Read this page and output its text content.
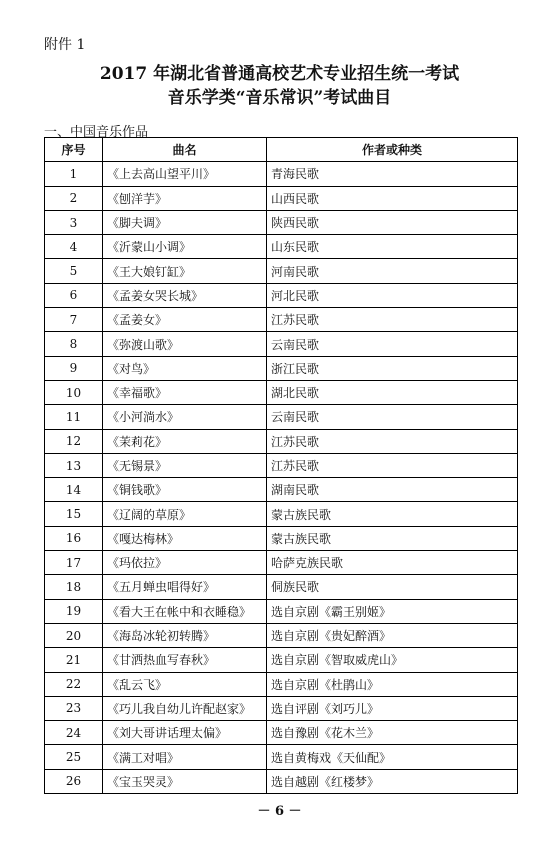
附件 1
2017 年湖北省普通高校艺术专业招生统一考试
音乐学类“音乐常识”考试曲目
一、中国音乐作品
序号	曲名	作者或种类
1	《上去高山望平川》	青海民歌
2	《刨洋芋》	山西民歌
3	《脚夫调》	陕西民歌
4	《沂蒙山小调》	山东民歌
5	《王大娘钉缸》	河南民歌
6	《孟姜女哭长城》	河北民歌
7	《孟姜女》	江苏民歌
8	《弥渡山歌》	云南民歌
9	《对鸟》	浙江民歌
10	《幸福歌》	湖北民歌
11	《小河淌水》	云南民歌
12	《茉莉花》	江苏民歌
13	《无锡景》	江苏民歌
14	《铜钱歌》	湖南民歌
15	《辽阔的草原》	蒙古族民歌
16	《嘎达梅林》	蒙古族民歌
17	《玛依拉》	哈萨克族民歌
18	《五月蝉虫唱得好》	侗族民歌
19	《看大王在帐中和衣睡稳》	选自京剧《霸王别姬》
20	《海岛冰轮初转腾》	选自京剧《贵妃醉酒》
21	《甘洒热血写春秋》	选自京剧《智取威虎山》
22	《乱云飞》	选自京剧《杜鹃山》
23	《巧儿我自幼儿许配赵家》	选自评剧《刘巧儿》
24	《刘大哥讲话理太偏》	选自豫剧《花木兰》
25	《满工对唱》	选自黄梅戏《天仙配》
26	《宝玉哭灵》	选自越剧《红楼梦》
－ 6 －
